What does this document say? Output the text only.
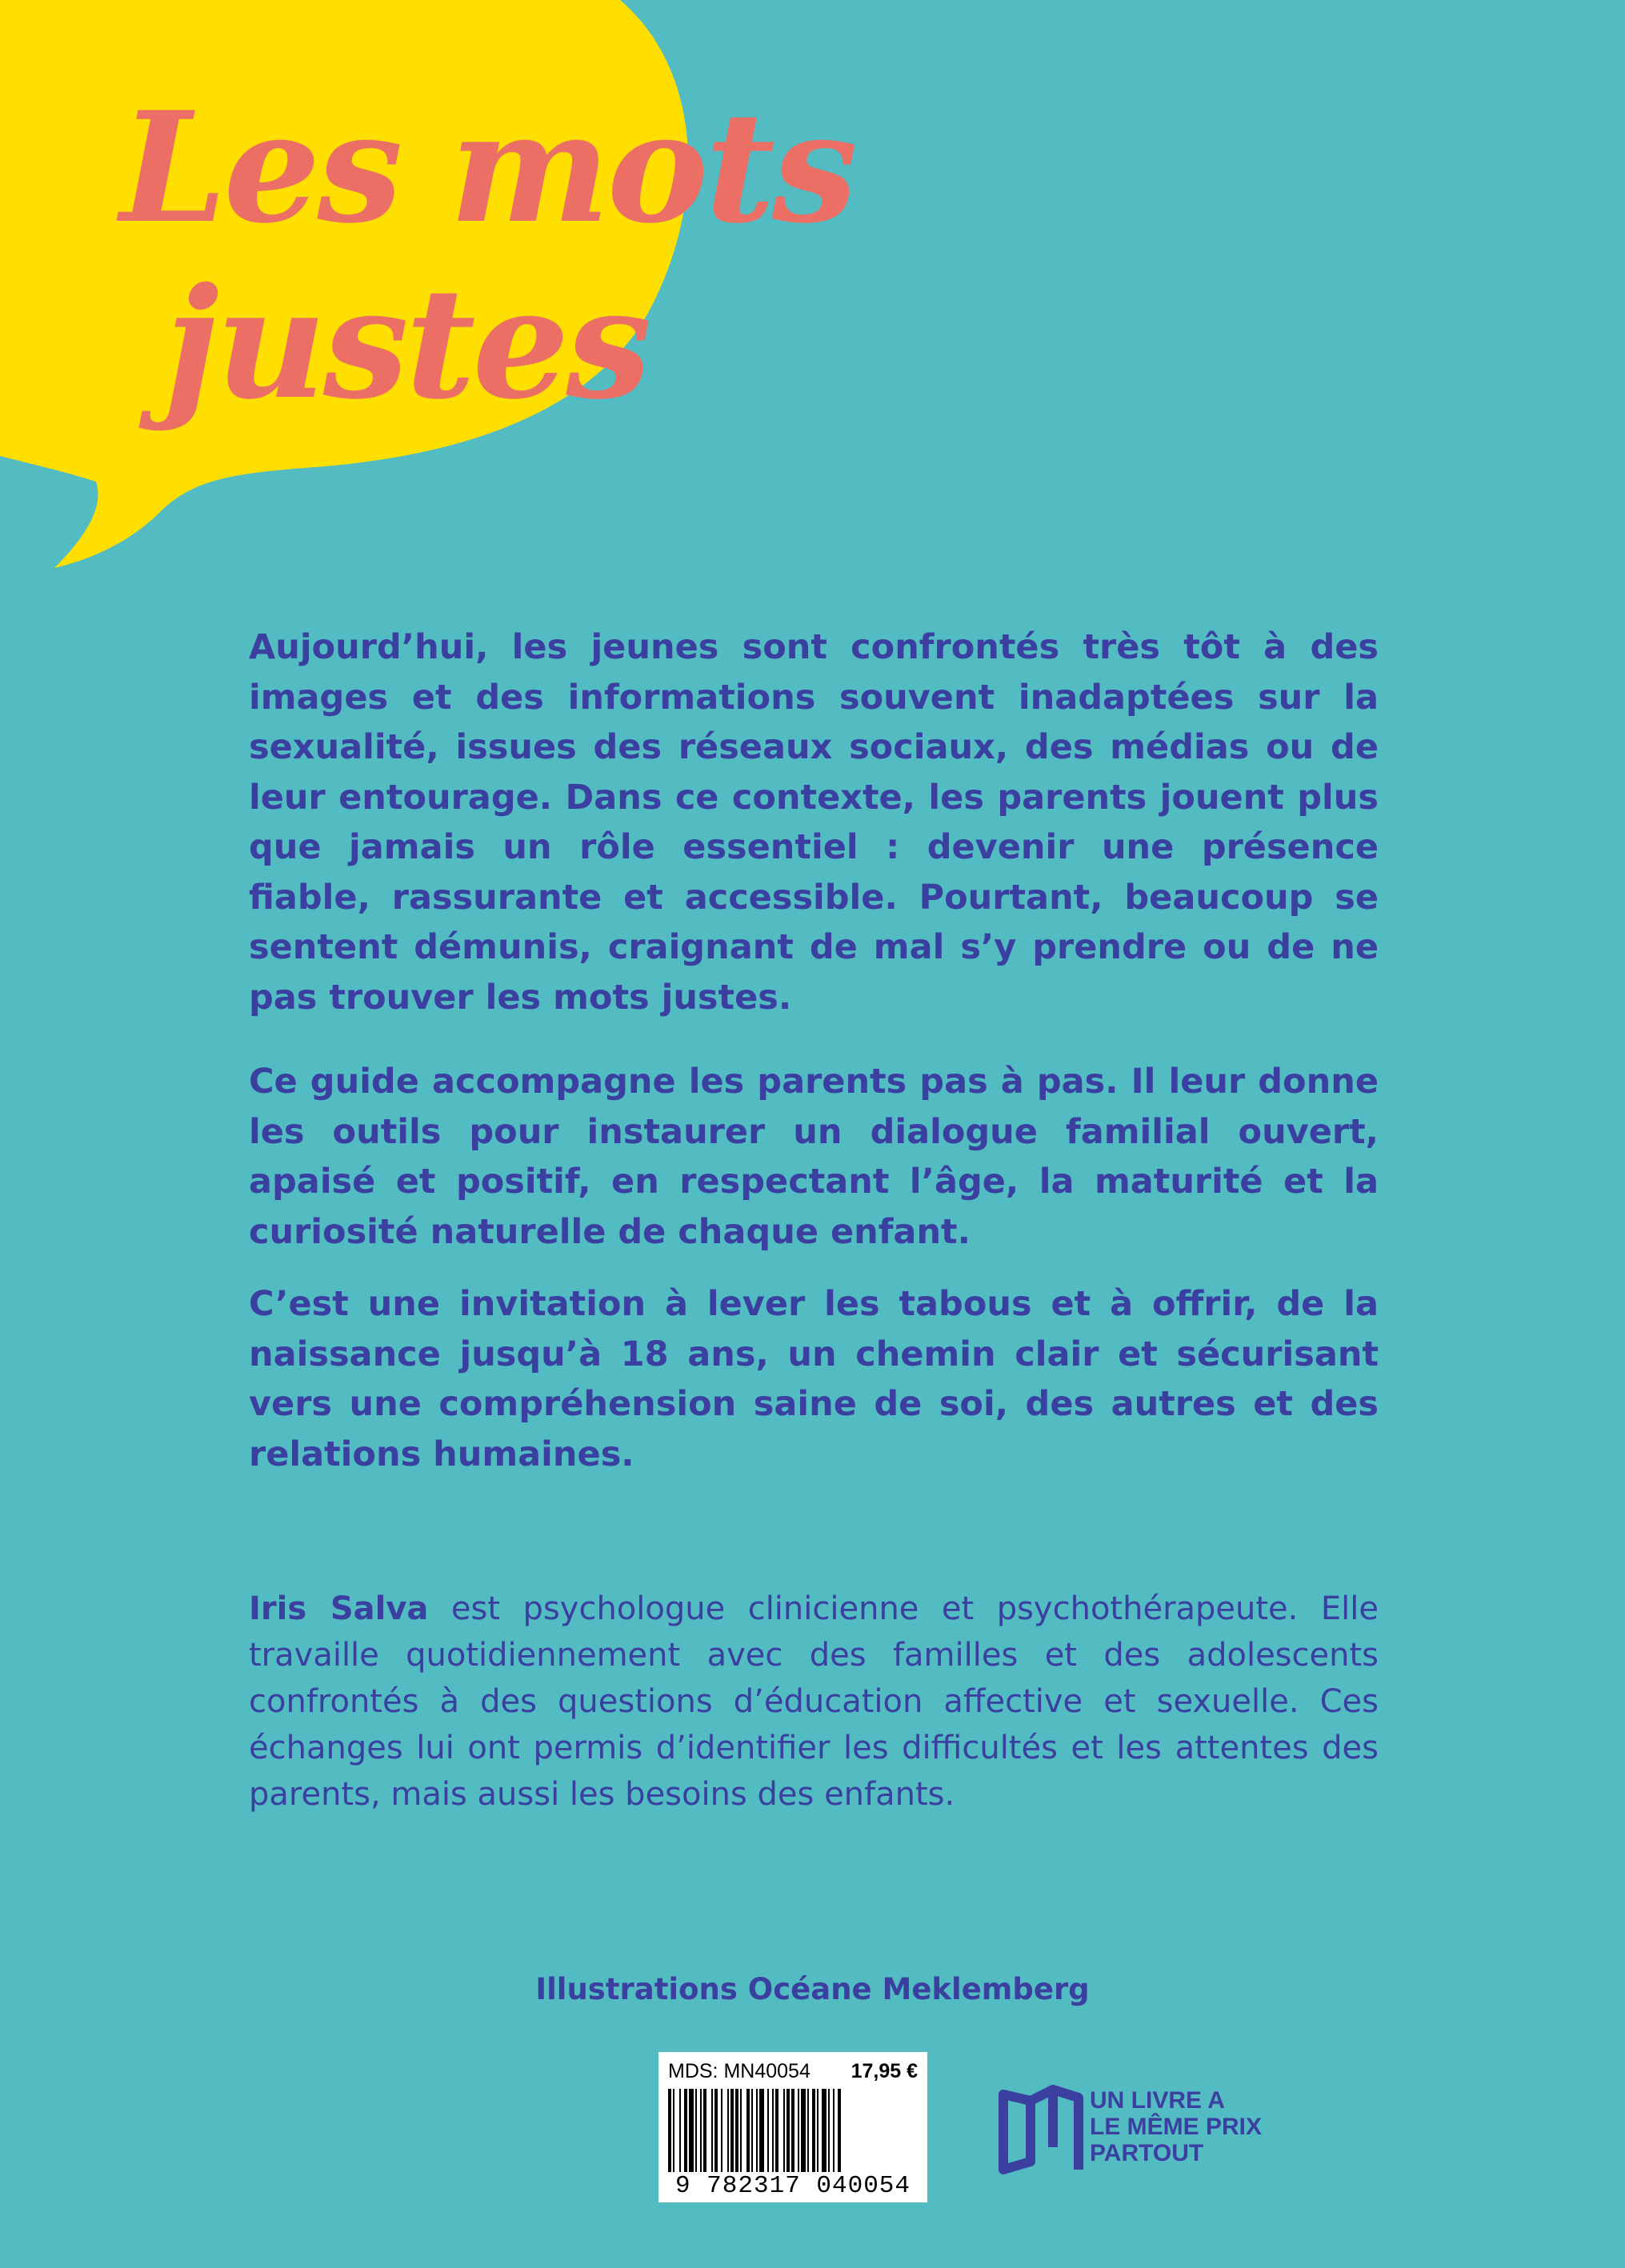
Les mots
justes

Aujourd’hui, les jeunes sont confrontés très tôt à des images et des informations souvent inadaptées sur la sexualité, issues des réseaux sociaux, des médias ou de leur entourage. Dans ce contexte, les parents jouent plus que jamais un rôle essentiel : devenir une présence fiable, rassurante et accessible. Pourtant, beaucoup se sentent démunis, craignant de mal s’y prendre ou de ne pas trouver les mots justes.

Ce guide accompagne les parents pas à pas. Il leur donne les outils pour instaurer un dialogue familial ouvert, apaisé et positif, en respectant l’âge, la maturité et la curiosité naturelle de chaque enfant.

C’est une invitation à lever les tabous et à offrir, de la naissance jusqu’à 18 ans, un chemin clair et sécurisant vers une compréhension saine de soi, des autres et des relations humaines.

Iris Salva est psychologue clinicienne et psychothérapeute. Elle travaille quotidiennement avec des familles et des adolescents confrontés à des questions d’éducation affective et sexuelle. Ces échanges lui ont permis d’identifier les difficultés et les attentes des parents, mais aussi les besoins des enfants.

Illustrations Océane Meklemberg
MDS: MN40054 17,95 €
9 782317 040054
UN LIVRE A
LE MÊME PRIX
PARTOUT
